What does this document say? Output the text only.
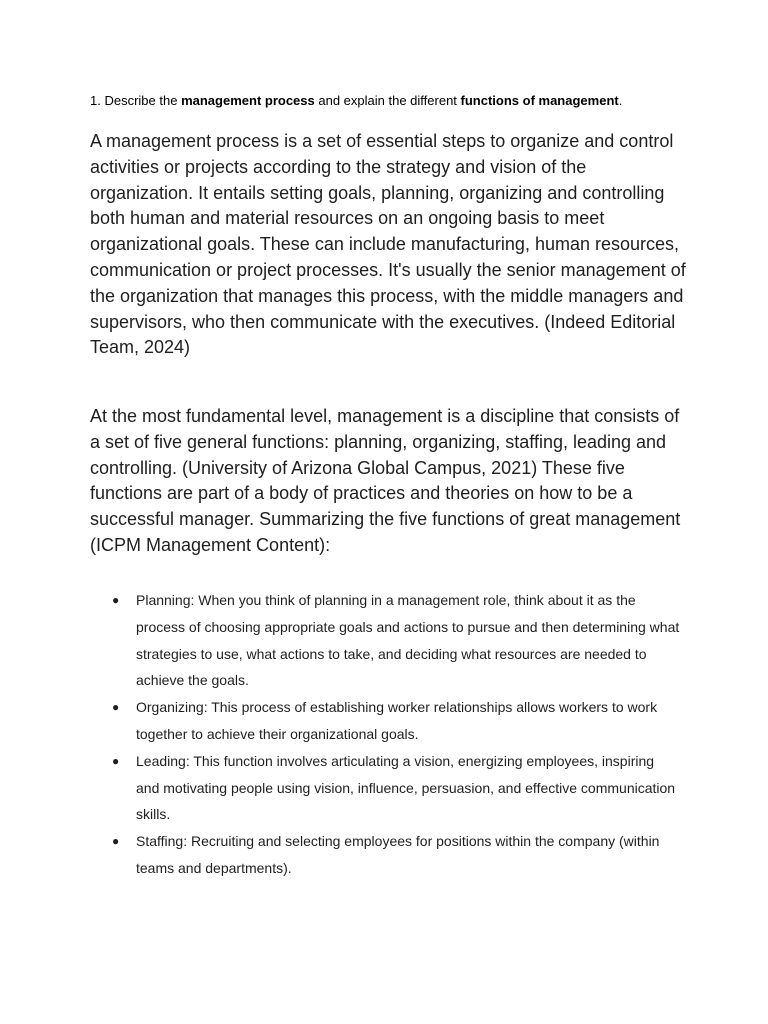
1. Describe the management process and explain the different functions of management.

A management process is a set of essential steps to organize and control activities or projects according to the strategy and vision of the organization. It entails setting goals, planning, organizing and controlling both human and material resources on an ongoing basis to meet organizational goals. These can include manufacturing, human resources, communication or project processes. It's usually the senior management of the organization that manages this process, with the middle managers and supervisors, who then communicate with the executives. (Indeed Editorial Team, 2024)

At the most fundamental level, management is a discipline that consists of a set of five general functions: planning, organizing, staffing, leading and controlling. (University of Arizona Global Campus, 2021) These five functions are part of a body of practices and theories on how to be a successful manager. Summarizing the five functions of great management (ICPM Management Content):

● Planning: When you think of planning in a management role, think about it as the process of choosing appropriate goals and actions to pursue and then determining what strategies to use, what actions to take, and deciding what resources are needed to achieve the goals.
● Organizing: This process of establishing worker relationships allows workers to work together to achieve their organizational goals.
● Leading: This function involves articulating a vision, energizing employees, inspiring and motivating people using vision, influence, persuasion, and effective communication skills.
● Staffing: Recruiting and selecting employees for positions within the company (within teams and departments).
